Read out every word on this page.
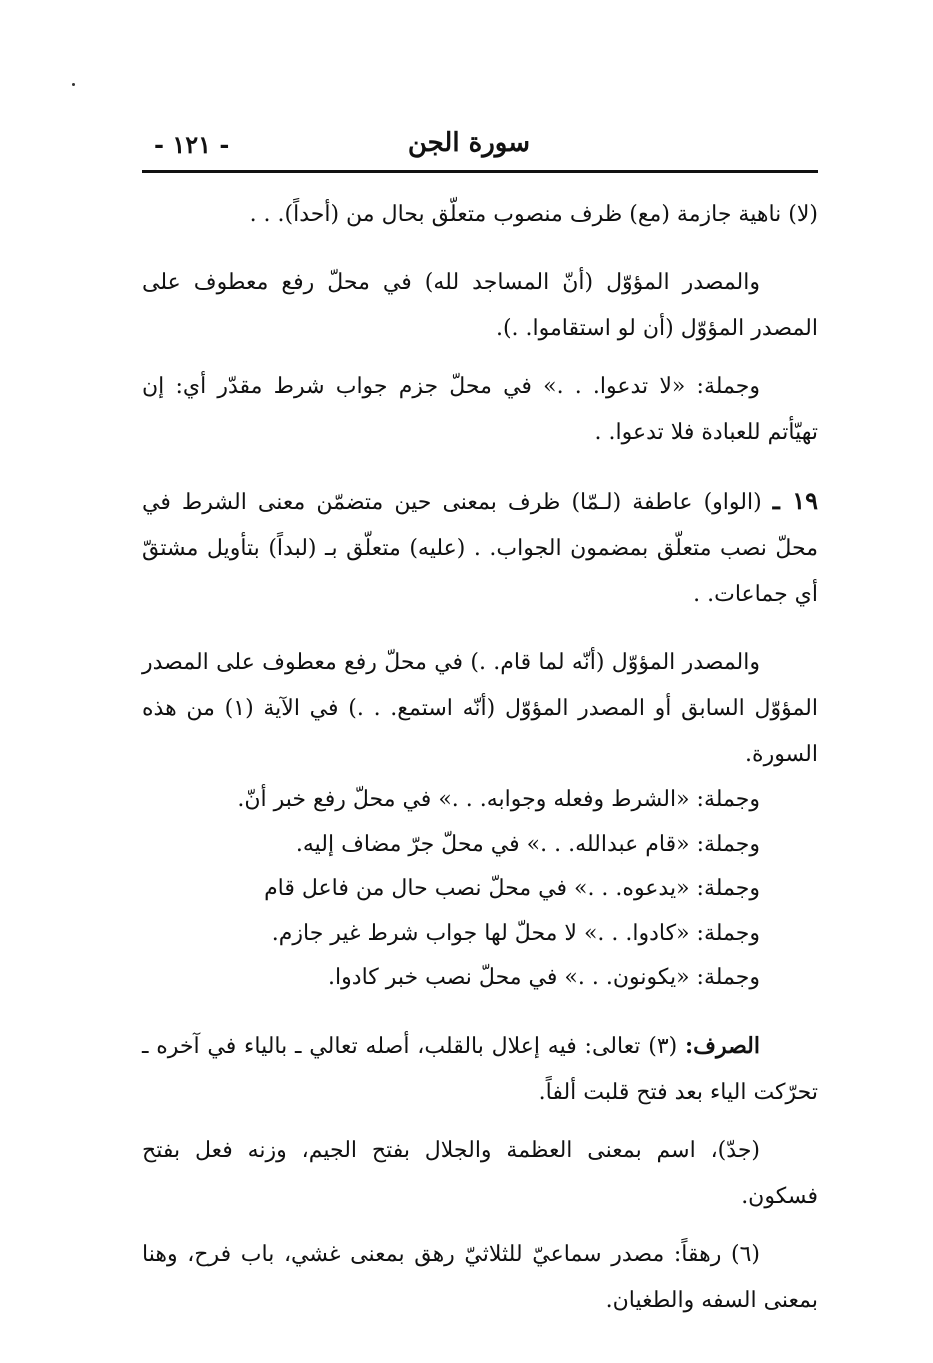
سورة الجن
- ١٢١ -

(لا) ناهية جازمة (مع) ظرف منصوب متعلّق بحال من (أحداً). . .

والمصدر المؤوّل (أنّ المساجد لله) في محلّ رفع معطوف على المصدر المؤوّل (أن لو استقاموا. .).

وجملة: «لا تدعوا. . .» في محلّ جزم جواب شرط مقدّر أي: إن تهيّأتم للعبادة فلا تدعوا. .

١٩ ـ (الواو) عاطفة (لـمّا) ظرف بمعنى حين متضمّن معنى الشرط في محلّ نصب متعلّق بمضمون الجواب. . (عليه) متعلّق بـ (لبداً) بتأويل مشتقّ أي جماعات. .

والمصدر المؤوّل (أنّه لما قام. .) في محلّ رفع معطوف على المصدر المؤوّل السابق أو المصدر المؤوّل (أنّه استمع. . .) في الآية (١) من هذه السورة.

وجملة: «الشرط وفعله وجوابه. . .» في محلّ رفع خبر أنّ.

وجملة: «قام عبدالله. . .» في محلّ جرّ مضاف إليه.

وجملة: «يدعوه. . .» في محلّ نصب حال من فاعل قام

وجملة: «كادوا. . .» لا محلّ لها جواب شرط غير جازم.

وجملة: «يكونون. . .» في محلّ نصب خبر كادوا.

الصرف: (٣) تعالى: فيه إعلال بالقلب، أصله تعالي ـ بالياء في آخره ـ تحرّكت الياء بعد فتح قلبت ألفاً.

(جدّ)، اسم بمعنى العظمة والجلال بفتح الجيم، وزنه فعل بفتح فسكون.

(٦) رهقاً: مصدر سماعيّ للثلاثيّ رهق بمعنى غشي، باب فرح، وهنا بمعنى السفه والطغيان.
